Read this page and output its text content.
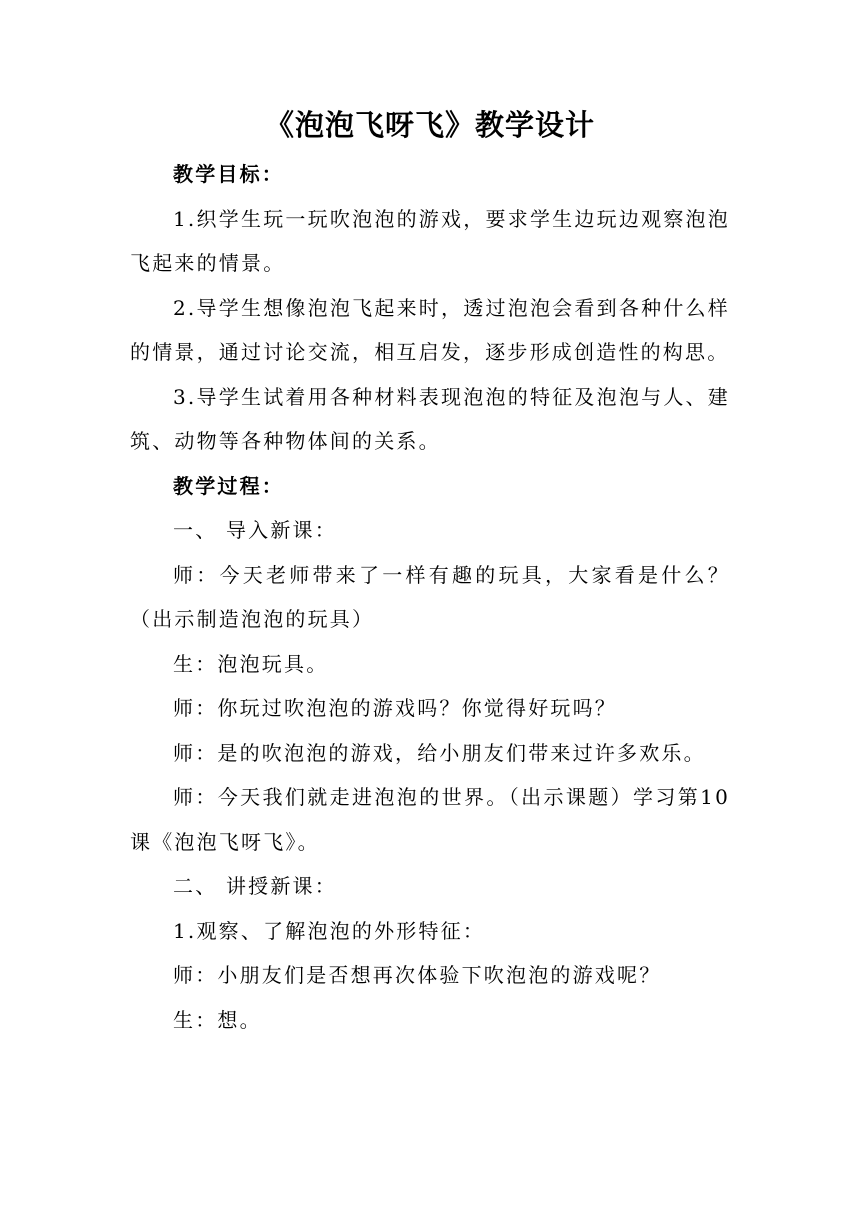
《泡泡飞呀飞》教学设计

教学目标：

1.织学生玩一玩吹泡泡的游戏，要求学生边玩边观察泡泡飞起来的情景。

2.导学生想像泡泡飞起来时，透过泡泡会看到各种什么样的情景，通过讨论交流，相互启发，逐步形成创造性的构思。

3.导学生试着用各种材料表现泡泡的特征及泡泡与人、建筑、动物等各种物体间的关系。

教学过程：

一、 导入新课：

师：今天老师带来了一样有趣的玩具，大家看是什么？（出示制造泡泡的玩具）

生：泡泡玩具。

师：你玩过吹泡泡的游戏吗？你觉得好玩吗？

师：是的吹泡泡的游戏，给小朋友们带来过许多欢乐。

师：今天我们就走进泡泡的世界。（出示课题）学习第10课《泡泡飞呀飞》。

二、 讲授新课：

1.观察、了解泡泡的外形特征：

师：小朋友们是否想再次体验下吹泡泡的游戏呢？

生：想。
